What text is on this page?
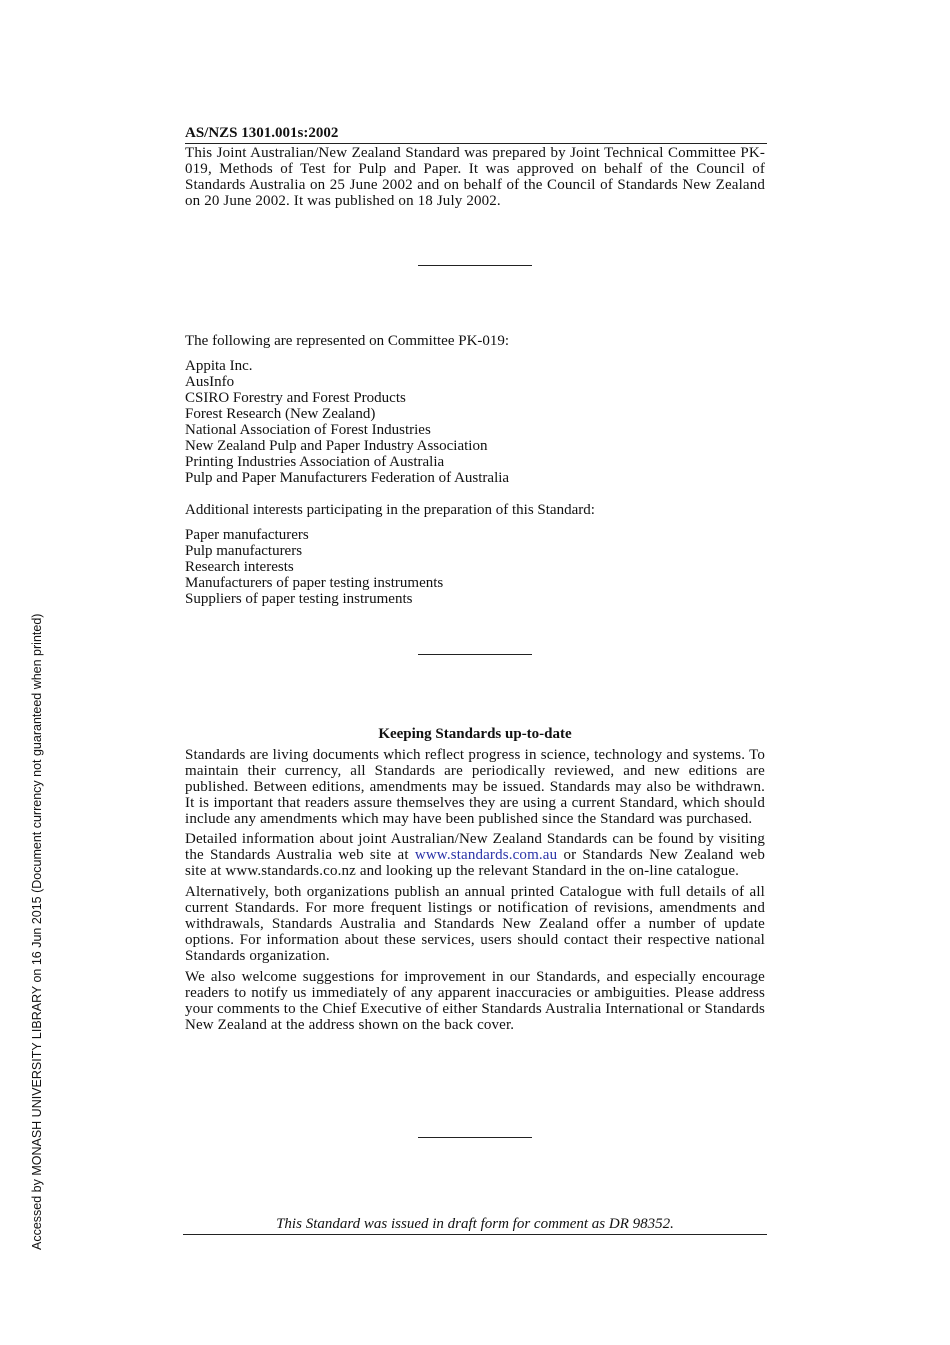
Accessed by MONASH UNIVERSITY LIBRARY on 16 Jun 2015 (Document currency not guaranteed when printed)
AS/NZS 1301.001s:2002
This Joint Australian/New Zealand Standard was prepared by Joint Technical Committee PK-019, Methods of Test for Pulp and Paper. It was approved on behalf of the Council of Standards Australia on 25 June 2002 and on behalf of the Council of Standards New Zealand on 20 June 2002. It was published on 18 July 2002.
The following are represented on Committee PK-019:
Appita Inc.
AusInfo
CSIRO Forestry and Forest Products
Forest Research (New Zealand)
National Association of Forest Industries
New Zealand Pulp and Paper Industry Association
Printing Industries Association of Australia
Pulp and Paper Manufacturers Federation of Australia
Additional interests participating in the preparation of this Standard:
Paper manufacturers
Pulp manufacturers
Research interests
Manufacturers of paper testing instruments
Suppliers of paper testing instruments
Keeping Standards up-to-date

Standards are living documents which reflect progress in science, technology and systems. To maintain their currency, all Standards are periodically reviewed, and new editions are published. Between editions, amendments may be issued. Standards may also be withdrawn. It is important that readers assure themselves they are using a current Standard, which should include any amendments which may have been published since the Standard was purchased.

Detailed information about joint Australian/New Zealand Standards can be found by visiting the Standards Australia web site at www.standards.com.au or Standards New Zealand web site at www.standards.co.nz and looking up the relevant Standard in the on-line catalogue.

Alternatively, both organizations publish an annual printed Catalogue with full details of all current Standards. For more frequent listings or notification of revisions, amendments and withdrawals, Standards Australia and Standards New Zealand offer a number of update options. For information about these services, users should contact their respective national Standards organization.

We also welcome suggestions for improvement in our Standards, and especially encourage readers to notify us immediately of any apparent inaccuracies or ambiguities. Please address your comments to the Chief Executive of either Standards Australia International or Standards New Zealand at the address shown on the back cover.

This Standard was issued in draft form for comment as DR 98352.
